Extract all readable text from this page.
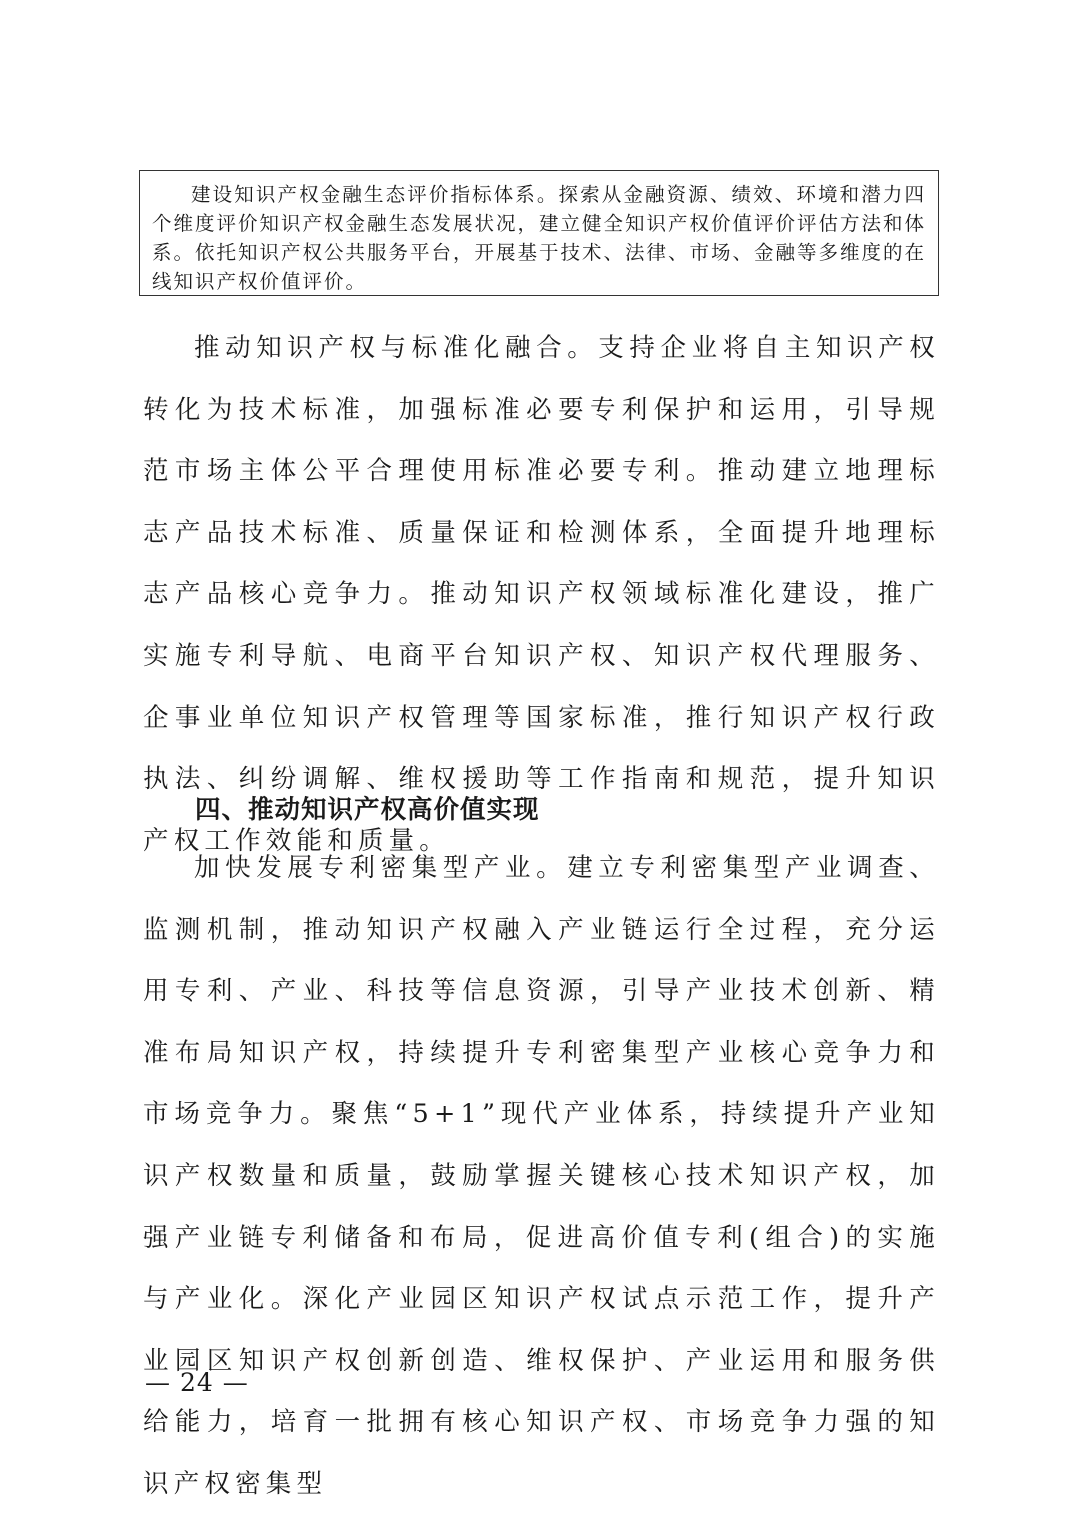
建设知识产权金融生态评价指标体系。探索从金融资源、绩效、环境和潜力四个维度评价知识产权金融生态发展状况，建立健全知识产权价值评价评估方法和体系。依托知识产权公共服务平台，开展基于技术、法律、市场、金融等多维度的在线知识产权价值评价。

推动知识产权与标准化融合。支持企业将自主知识产权转化为技术标准，加强标准必要专利保护和运用，引导规范市场主体公平合理使用标准必要专利。推动建立地理标志产品技术标准、质量保证和检测体系，全面提升地理标志产品核心竞争力。推动知识产权领域标准化建设，推广实施专利导航、电商平台知识产权、知识产权代理服务、企事业单位知识产权管理等国家标准，推行知识产权行政执法、纠纷调解、维权援助等工作指南和规范，提升知识产权工作效能和质量。

四、推动知识产权高价值实现

加快发展专利密集型产业。建立专利密集型产业调查、监测机制，推动知识产权融入产业链运行全过程，充分运用专利、产业、科技等信息资源，引导产业技术创新、精准布局知识产权，持续提升专利密集型产业核心竞争力和市场竞争力。聚焦“5+1”现代产业体系，持续提升产业知识产权数量和质量，鼓励掌握关键核心技术知识产权，加强产业链专利储备和布局，促进高价值专利(组合)的实施与产业化。深化产业园区知识产权试点示范工作，提升产业园区知识产权创新创造、维权保护、产业运用和服务供给能力，培育一批拥有核心知识产权、市场竞争力强的知识产权密集型

— 24 —
